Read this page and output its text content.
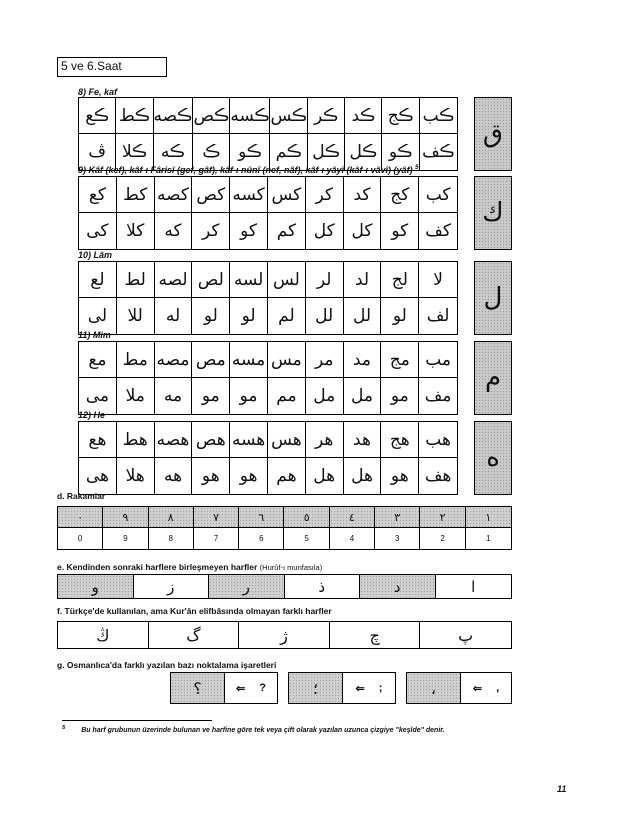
5 ve 6.Saat
8) Fe, kaf
ڪع ڪط ڪصه ڪص ڪسه ڪس ڪر ڪد ڪج ڪب
ڤ ڪلا ڪه	ڪ	ڪو ڪم ڪل ڪل ڪو ڪف
ق
9) Kâf (kef), kâf-ı Fârisî (gef, gâf), kâf-ı nûnî (nef, nâf), kâf-ı yâyî (kâf-ı vâvî) (yâf) $^5$
كع	كط كصه كص كسه كس كر	كد	كج كب
كى	كلا	كه	كر	كو	كم	كل كل	كو	كف
ك
10) Lâm
لع	لط لصه لص لسه لس	لر	لد	لج	لا
لى	للا	له	لو	لو	لم	لل	لل	لو	لف
ل
11) Mim
مع مط مصه مص مسه مس مر	مد	مج مب
مى ملا	مه	مو	مو	مم مل مل	مو مف
م
12) He
هع هط هصه هص هسه هس هر	هد	هج هب
هى هلا	هه	هو	هو	هم هل هل	هو هف
ه
d. Rakamlar
٠	٩	٨	٧	٦	٥	٤	٣	٢	١
0	9	8	7	6	5	4	3	2	1
e. Kendinden sonraki harflere birleşmeyen harfler (Hurûf-ı munfasıla)
و	ز	ر	ذ	د	ا
f. Türkçe'de kullanılan, ama Kur'ân elifbâsında olmayan farklı harfler
ڭ	گ	ژ	چ	پ
g. Osmanlıca'da farklı yazılan bazı noktalama işaretleri
؟	⇐ ?	؛	⇐ ;	،	⇐ ,
$^5$ Bu harf grubunun üzerinde bulunan ve harfine göre tek veya çift olarak yazılan uzunca çizgiye "keşîde" denir.
11
